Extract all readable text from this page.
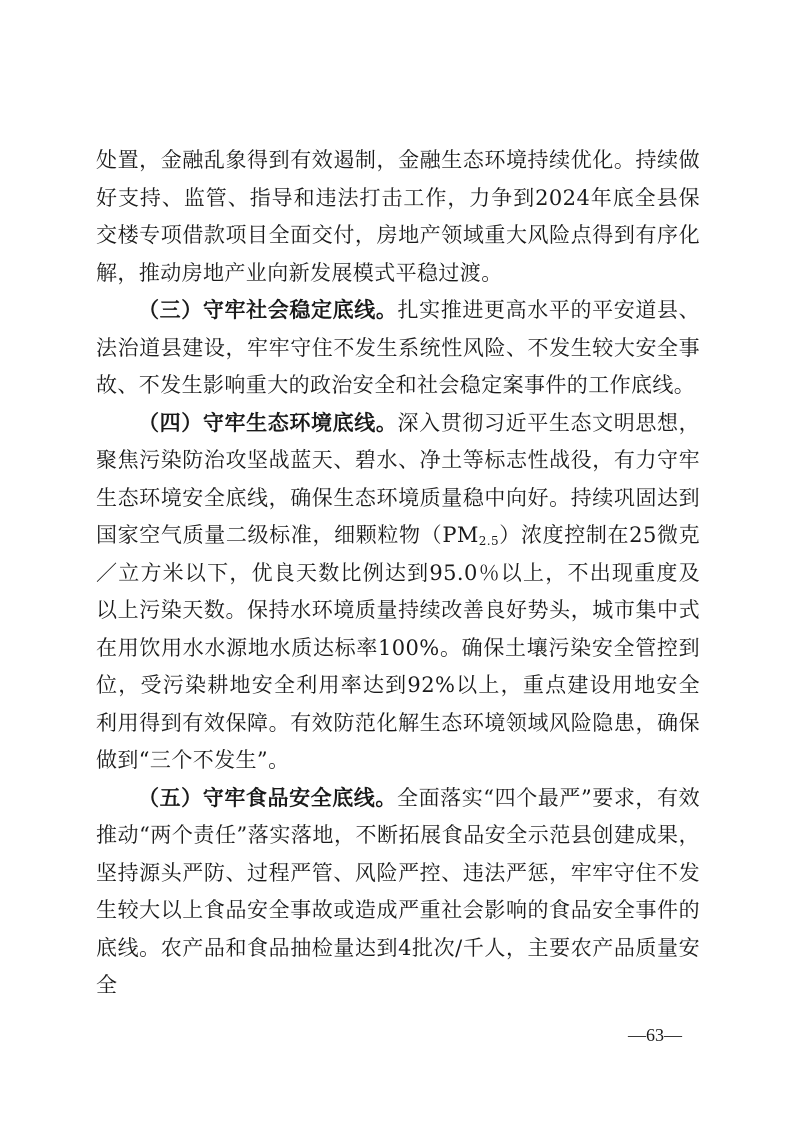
处置，金融乱象得到有效遏制，金融生态环境持续优化。持续做好支持、监管、指导和违法打击工作，力争到2024年底全县保交楼专项借款项目全面交付，房地产领域重大风险点得到有序化解，推动房地产业向新发展模式平稳过渡。

（三）守牢社会稳定底线。扎实推进更高水平的平安道县、法治道县建设，牢牢守住不发生系统性风险、不发生较大安全事故、不发生影响重大的政治安全和社会稳定案事件的工作底线。

（四）守牢生态环境底线。深入贯彻习近平生态文明思想，聚焦污染防治攻坚战蓝天、碧水、净土等标志性战役，有力守牢生态环境安全底线，确保生态环境质量稳中向好。持续巩固达到国家空气质量二级标准，细颗粒物$(PM_{2.5})$浓度控制在25微克／立方米以下，优良天数比例达到95.0％以上，不出现重度及以上污染天数。保持水环境质量持续改善良好势头，城市集中式在用饮用水水源地水质达标率100%。确保土壤污染安全管控到位，受污染耕地安全利用率达到92%以上，重点建设用地安全利用得到有效保障。有效防范化解生态环境领域风险隐患，确保做到“三个不发生”。

（五）守牢食品安全底线。全面落实“四个最严”要求，有效推动“两个责任”落实落地，不断拓展食品安全示范县创建成果，坚持源头严防、过程严管、风险严控、违法严惩，牢牢守住不发生较大以上食品安全事故或造成严重社会影响的食品安全事件的底线。农产品和食品抽检量达到4批次/千人，主要农产品质量安全

—63—
